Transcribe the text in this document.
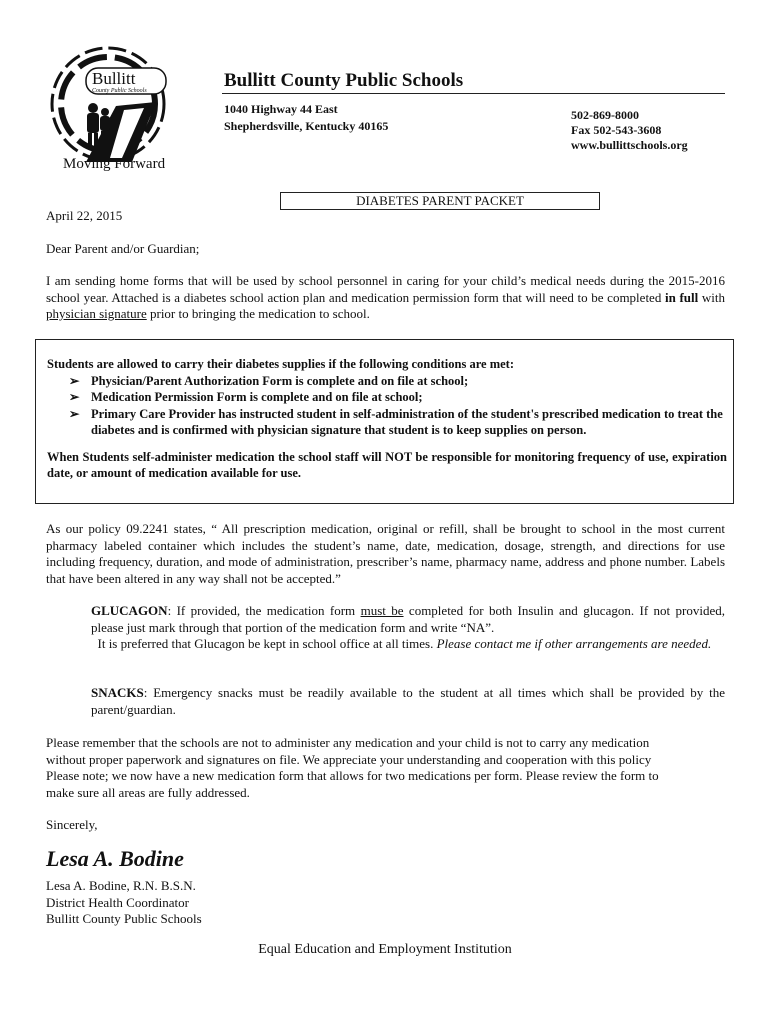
Bullitt
County Public Schools
Moving Forward
Bullitt County Public Schools
1040 Highway 44 East
Shepherdsville, Kentucky 40165
502-869-8000
Fax 502-543-3608
www.bullittschools.org
DIABETES PARENT PACKET
April 22, 2015
Dear Parent and/or Guardian;
I am sending home forms that will be used by school personnel in caring for your child’s medical needs during the 2015-2016 school year. Attached is a diabetes school action plan and medication permission form that will need to be completed in full with physician signature prior to bringing the medication to school.
Students are allowed to carry their diabetes supplies if the following conditions are met:
➢ Physician/Parent Authorization Form is complete and on file at school;
➢ Medication Permission Form is complete and on file at school;
➢ Primary Care Provider has instructed student in self-administration of the student's prescribed medication to treat the diabetes and is confirmed with physician signature that student is to keep supplies on person.
When Students self-administer medication the school staff will NOT be responsible for monitoring frequency of use, expiration date, or amount of medication available for use.
As our policy 09.2241 states, “ All prescription medication, original or refill, shall be brought to school in the most current pharmacy labeled container which includes the student’s name, date, medication, dosage, strength, and directions for use including frequency, duration, and mode of administration, prescriber’s name, pharmacy name, address and phone number. Labels that have been altered in any way shall not be accepted.”
GLUCAGON: If provided, the medication form must be completed for both Insulin and glucagon. If not provided, please just mark through that portion of the medication form and write “NA”.
It is preferred that Glucagon be kept in school office at all times. Please contact me if other arrangements are needed.
SNACKS: Emergency snacks must be readily available to the student at all times which shall be provided by the parent/guardian.
Please remember that the schools are not to administer any medication and your child is not to carry any medication
without proper paperwork and signatures on file. We appreciate your understanding and cooperation with this policy
Please note; we now have a new medication form that allows for two medications per form. Please review the form to
make sure all areas are fully addressed.
Sincerely,
Lesa A. Bodine
Lesa A. Bodine, R.N. B.S.N.
District Health Coordinator
Bullitt County Public Schools
Equal Education and Employment Institution
